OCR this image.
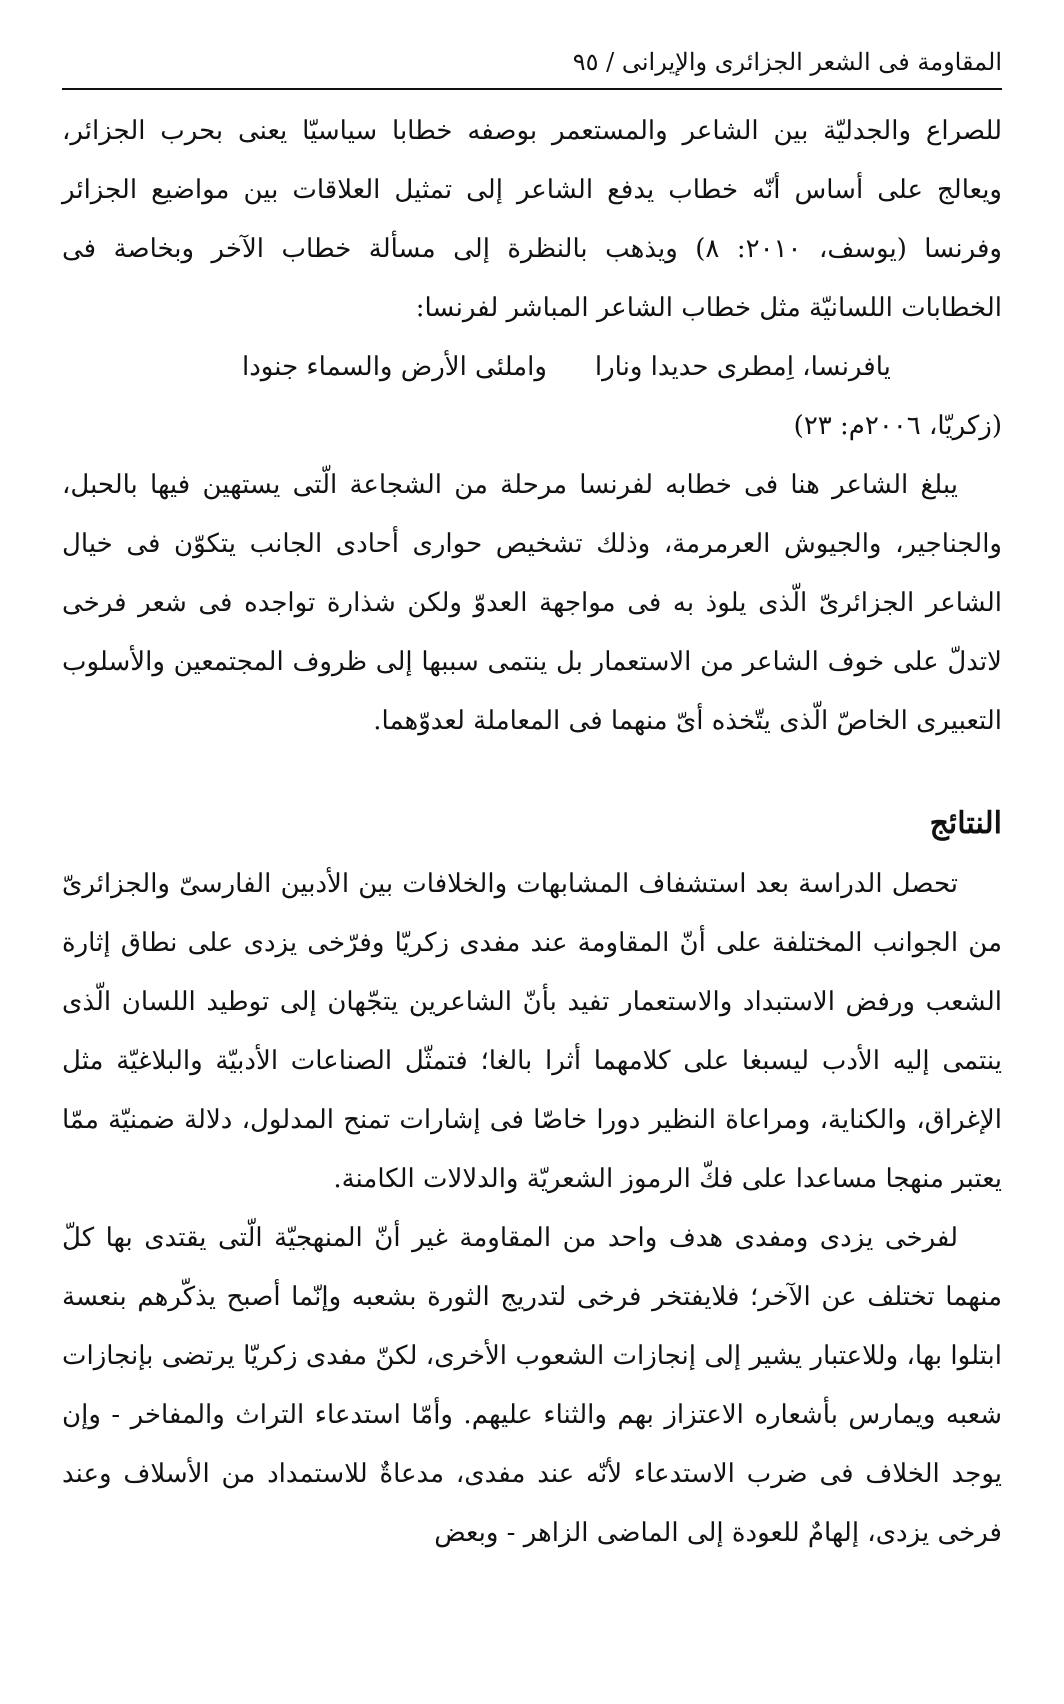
المقاومة فى الشعر الجزائرى والإيرانى / ٩٥

للصراع والجدليّة بين الشاعر والمستعمر بوصفه خطابا سياسيّا يعنى بحرب الجزائر، ويعالج على أساس أنّه خطاب يدفع الشاعر إلى تمثيل العلاقات بين مواضيع الجزائر وفرنسا (يوسف، ٢٠١٠: ٨) ويذهب بالنظرة إلى مسألة خطاب الآخر وبخاصة فى الخطابات اللسانيّة مثل خطاب الشاعر المباشر لفرنسا:

يافرنسا، اِمطرى حديدا ونارا
واملئى الأرض والسماء جنودا

(زكريّا، ٢٠٠٦م: ٢٣)

يبلغ الشاعر هنا فى خطابه لفرنسا مرحلة من الشجاعة الّتى يستهين فيها بالحبل، والجناجير، والجيوش العرمرمة، وذلك تشخيص حوارى أحادى الجانب يتكوّن فى خيال الشاعر الجزائرىّ الّذى يلوذ به فى مواجهة العدوّ ولكن شذارة تواجده فى شعر فرخى لاتدلّ على خوف الشاعر من الاستعمار بل ينتمى سببها إلى ظروف المجتمعين والأسلوب التعبيرى الخاصّ الّذى يتّخذه أىّ منهما فى المعاملة لعدوّهما.

النتائج

تحصل الدراسة بعد استشفاف المشابهات والخلافات بين الأدبين الفارسىّ والجزائرىّ من الجوانب المختلفة على أنّ المقاومة عند مفدى زكريّا وفرّخى يزدى على نطاق إثارة الشعب ورفض الاستبداد والاستعمار تفيد بأنّ الشاعرين يتجّهان إلى توطيد اللسان الّذى ينتمى إليه الأدب ليسبغا على كلامهما أثرا بالغا؛ فتمثّل الصناعات الأدبيّة والبلاغيّة مثل الإغراق، والكناية، ومراعاة النظير دورا خاصّا فى إشارات تمنح المدلول، دلالة ضمنيّة ممّا يعتبر منهجا مساعدا على فكّ الرموز الشعريّة والدلالات الكامنة.

لفرخى يزدى ومفدى هدف واحد من المقاومة غير أنّ المنهجيّة الّتى يقتدى بها كلّ منهما تختلف عن الآخر؛ فلايفتخر فرخى لتدريج الثورة بشعبه وإنّما أصبح يذكّرهم بنعسة ابتلوا بها، وللاعتبار يشير إلى إنجازات الشعوب الأخرى، لكنّ مفدى زكريّا يرتضى بإنجازات شعبه ويمارس بأشعاره الاعتزاز بهم والثناء عليهم. وأمّا استدعاء التراث والمفاخر - وإن يوجد الخلاف فى ضرب الاستدعاء لأنّه عند مفدى، مدعاةٌ للاستمداد من الأسلاف وعند فرخى يزدى، إلهامٌ للعودة إلى الماضى الزاهر - وبعض
